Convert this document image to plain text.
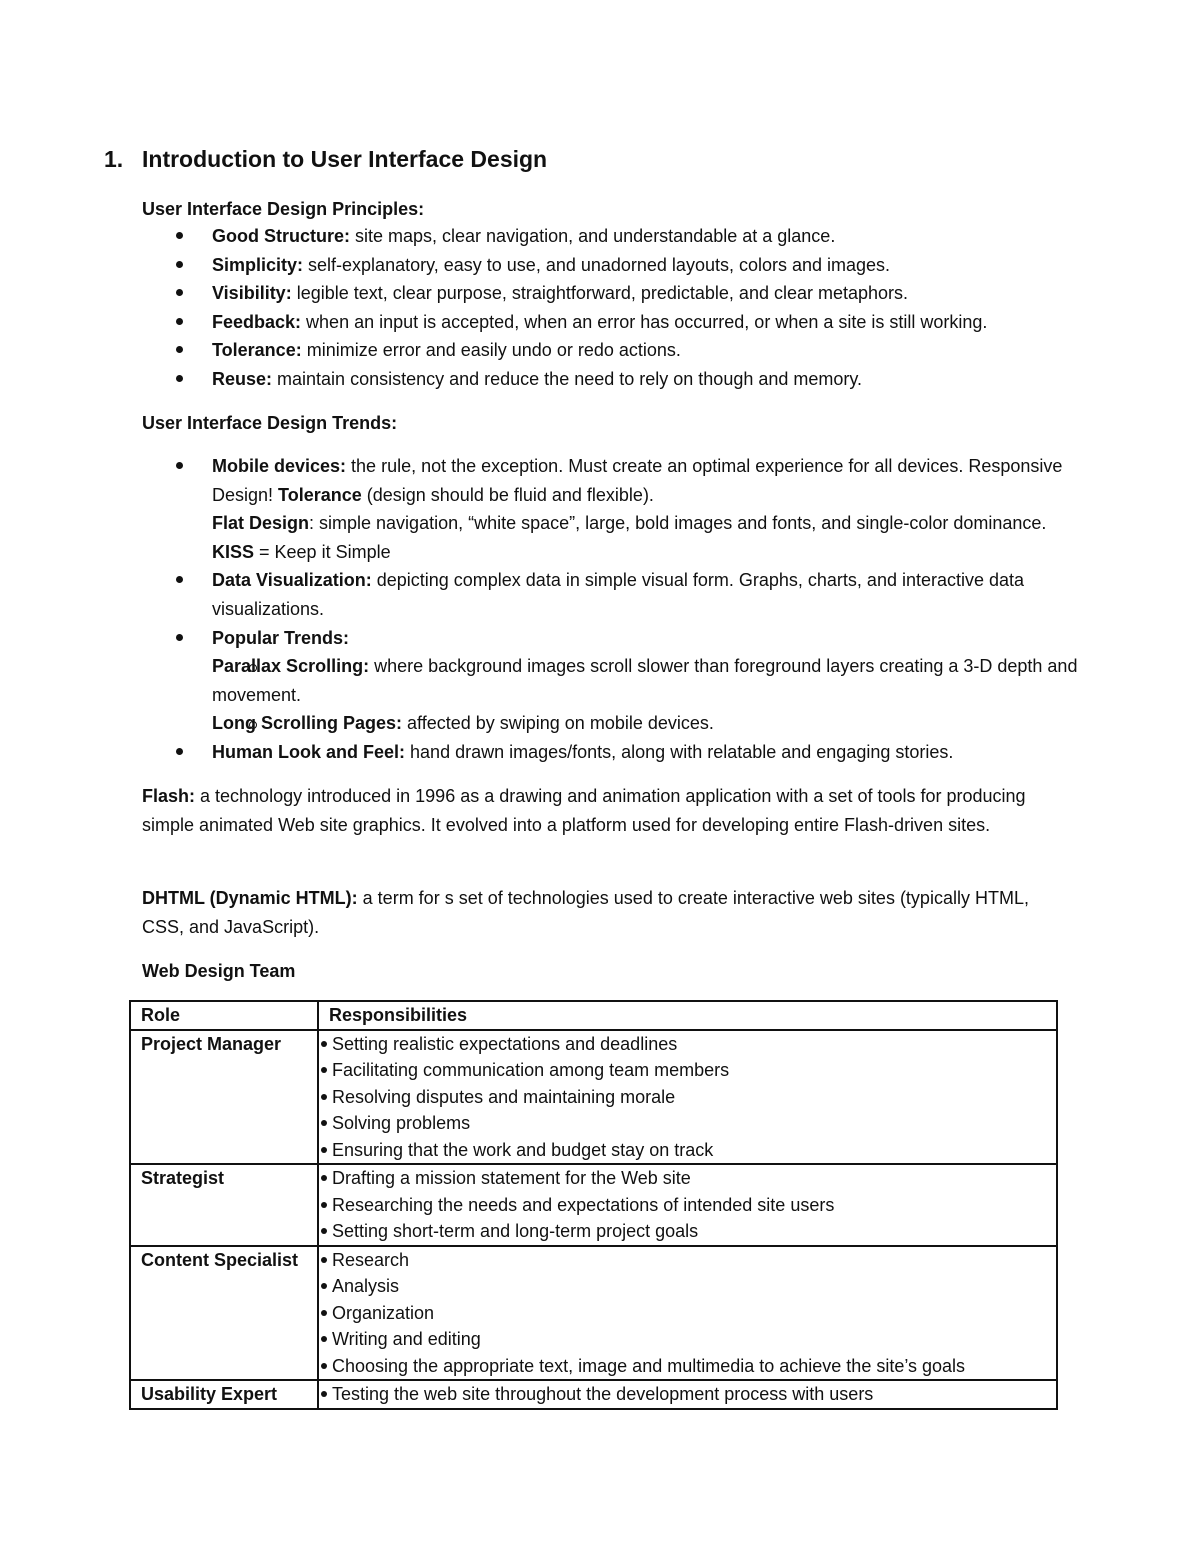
1. Introduction to User Interface Design

User Interface Design Principles:

Good Structure: site maps, clear navigation, and understandable at a glance.
Simplicity: self-explanatory, easy to use, and unadorned layouts, colors and images.
Visibility: legible text, clear purpose, straightforward, predictable, and clear metaphors.
Feedback: when an input is accepted, when an error has occurred, or when a site is still working.
Tolerance: minimize error and easily undo or redo actions.
Reuse: maintain consistency and reduce the need to rely on though and memory.

User Interface Design Trends:

Mobile devices: the rule, not the exception. Must create an optimal experience for all devices. Responsive Design! Tolerance (design should be fluid and flexible).
Flat Design: simple navigation, “white space”, large, bold images and fonts, and single-color dominance. KISS = Keep it Simple
Data Visualization: depicting complex data in simple visual form. Graphs, charts, and interactive data visualizations.
Popular Trends:
Parallax Scrolling: where background images scroll slower than foreground layers creating a 3-D depth and movement.
Long Scrolling Pages: affected by swiping on mobile devices.
Human Look and Feel: hand drawn images/fonts, along with relatable and engaging stories.

Flash: a technology introduced in 1996 as a drawing and animation application with a set of tools for producing simple animated Web site graphics. It evolved into a platform used for developing entire Flash-driven sites.

DHTML (Dynamic HTML): a term for s set of technologies used to create interactive web sites (typically HTML, CSS, and JavaScript).

Web Design Team

Role	Responsibilities
Project Manager	Setting realistic expectations and deadlines
Facilitating communication among team members
Resolving disputes and maintaining morale
Solving problems
Ensuring that the work and budget stay on track

Strategist	Drafting a mission statement for the Web site
Researching the needs and expectations of intended site users
Setting short-term and long-term project goals

Content Specialist	Research
Analysis
Organization
Writing and editing
Choosing the appropriate text, image and multimedia to achieve the site’s goals

Usability Expert	Testing the web site throughout the development process with users
